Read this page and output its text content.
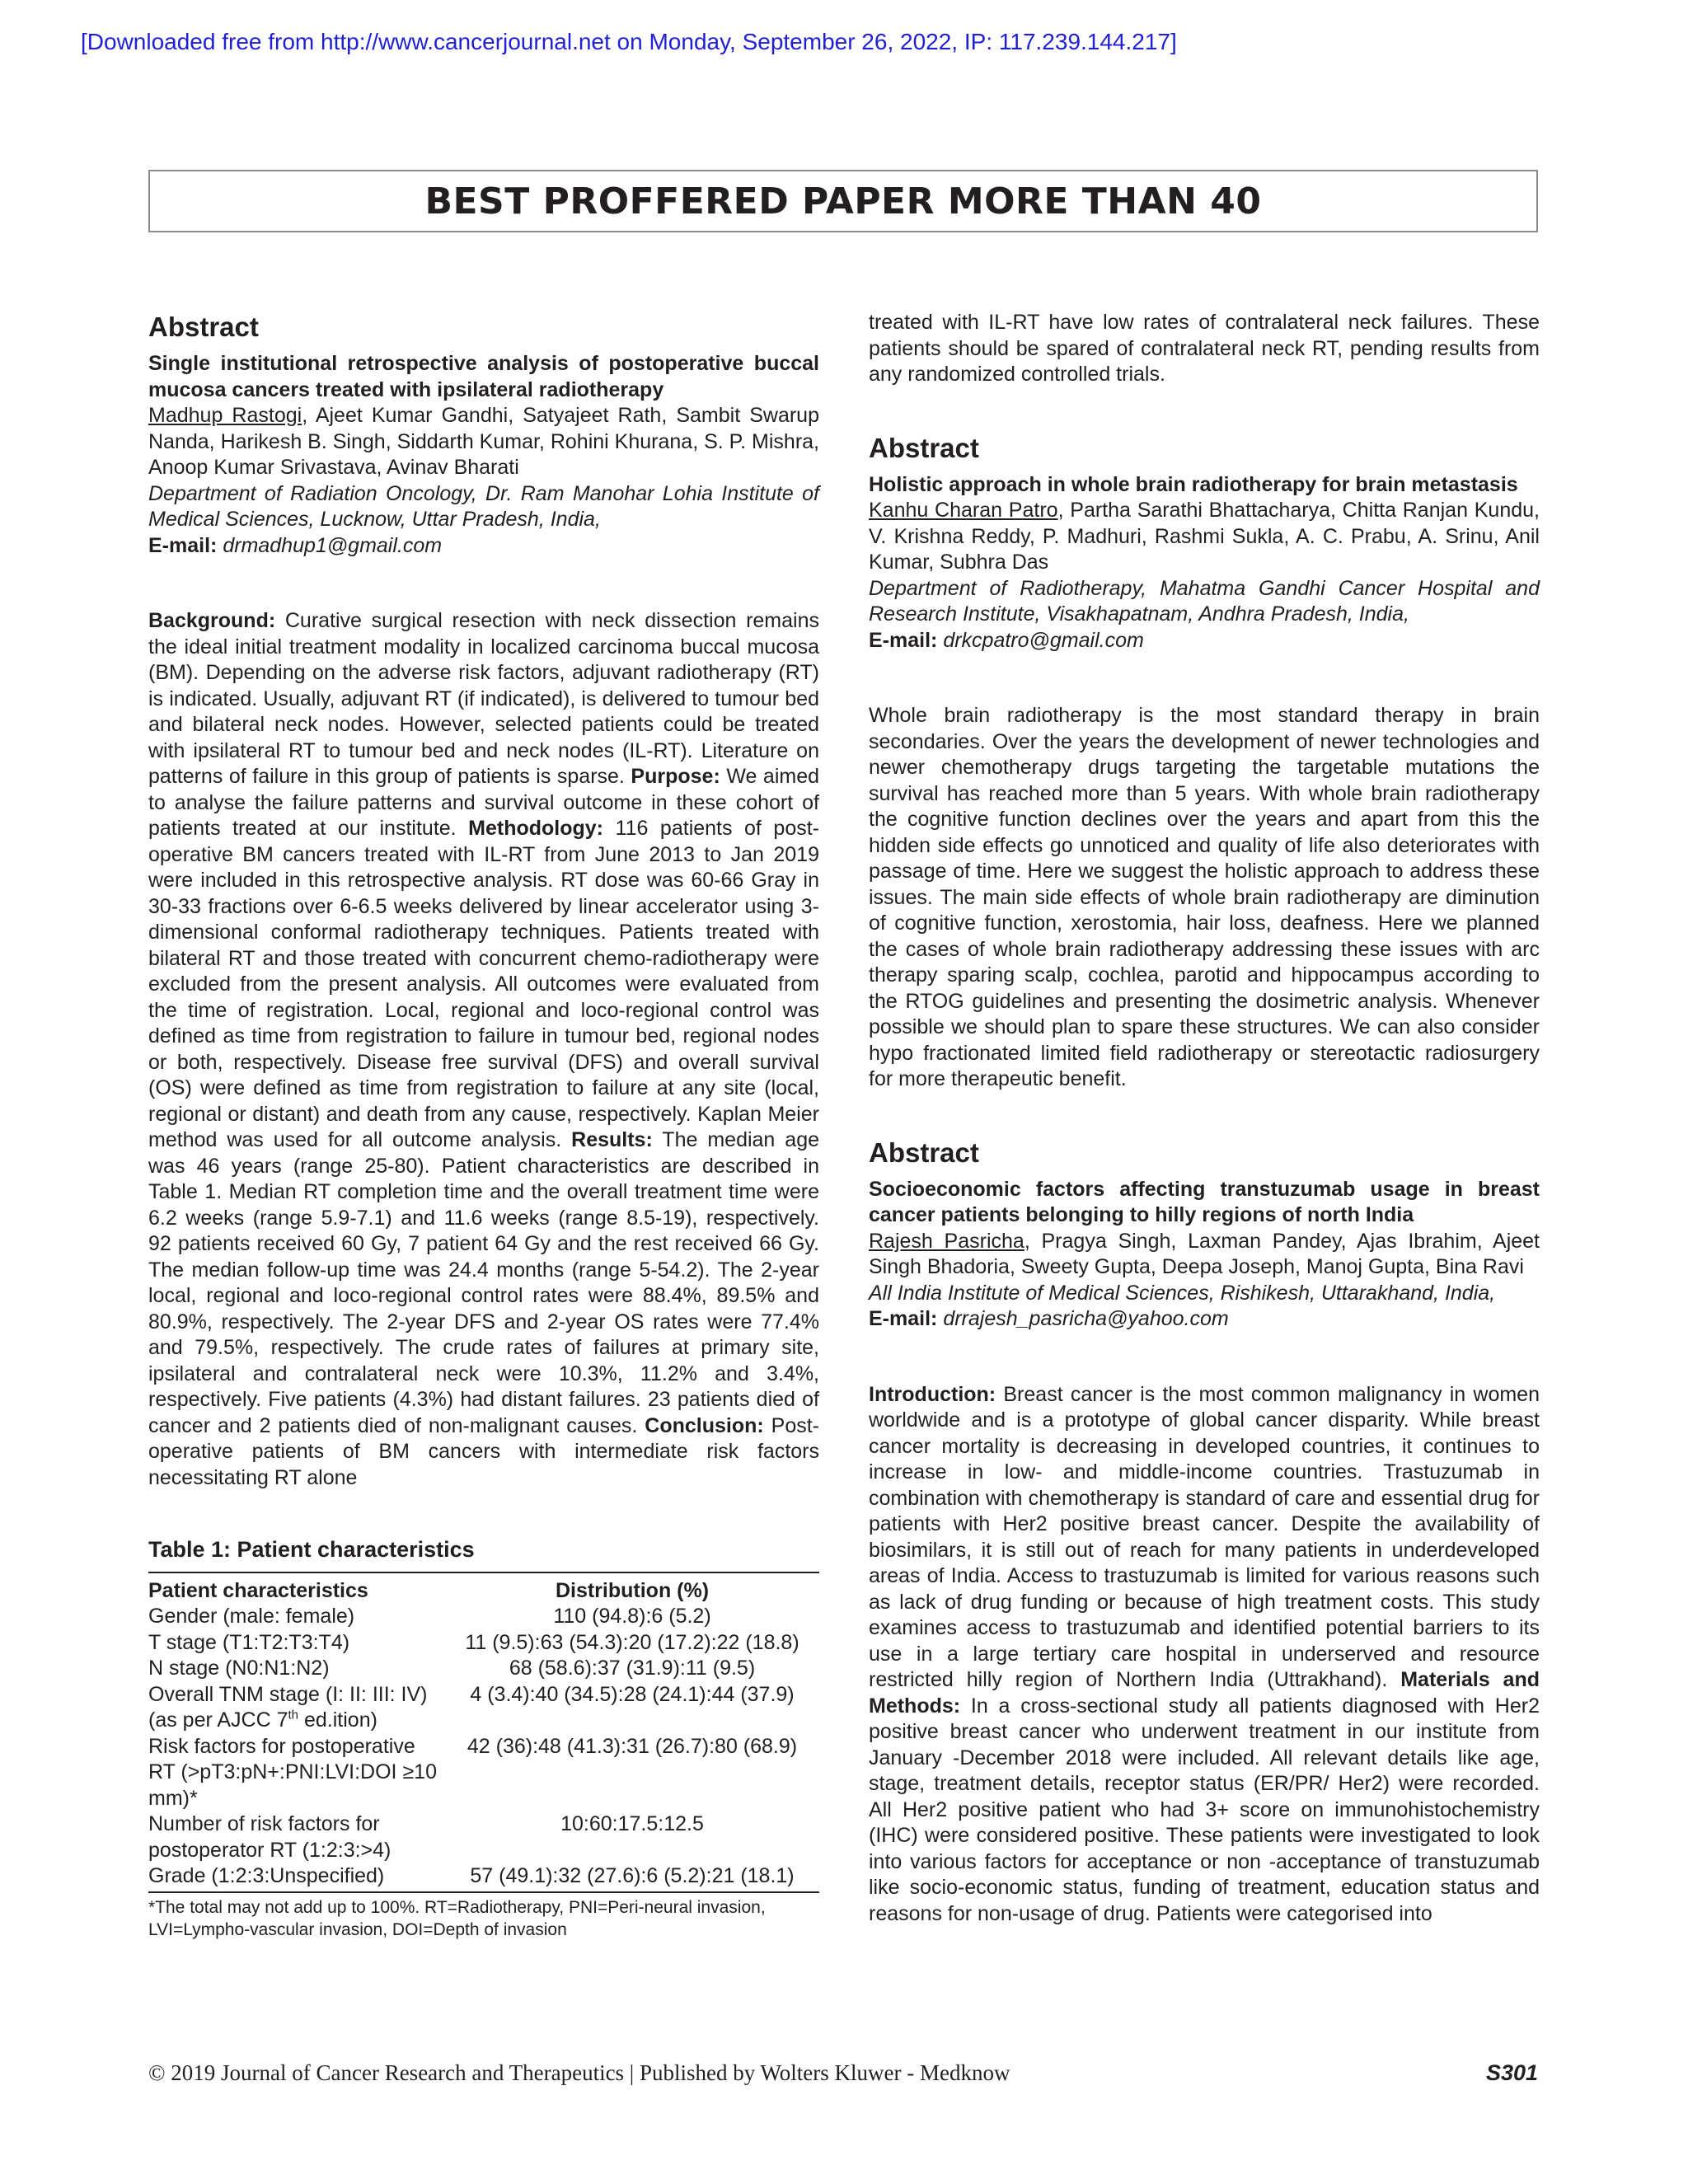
[Downloaded free from http://www.cancerjournal.net on Monday, September 26, 2022, IP: 117.239.144.217]
BEST PROFFERED PAPER MORE THAN 40
Abstract

Single institutional retrospective analysis of postoperative buccal mucosa cancers treated with ipsilateral radiotherapy

Madhup Rastogi, Ajeet Kumar Gandhi, Satyajeet Rath, Sambit Swarup Nanda, Harikesh B. Singh, Siddarth Kumar, Rohini Khurana, S. P. Mishra, Anoop Kumar Srivastava, Avinav Bharati

Department of Radiation Oncology, Dr. Ram Manohar Lohia Institute of Medical Sciences, Lucknow, Uttar Pradesh, India,

E-mail: drmadhup1@gmail.com

Background: Curative surgical resection with neck dissection remains the ideal initial treatment modality in localized carcinoma buccal mucosa (BM). Depending on the adverse risk factors, adjuvant radiotherapy (RT) is indicated. Usually, adjuvant RT (if indicated), is delivered to tumour bed and bilateral neck nodes. However, selected patients could be treated with ipsilateral RT to tumour bed and neck nodes (IL-RT). Literature on patterns of failure in this group of patients is sparse. Purpose: We aimed to analyse the failure patterns and survival outcome in these cohort of patients treated at our institute. Methodology: 116 patients of post-operative BM cancers treated with IL-RT from June 2013 to Jan 2019 were included in this retrospective analysis. RT dose was 60-66 Gray in 30-33 fractions over 6-6.5 weeks delivered by linear accelerator using 3-dimensional conformal radiotherapy techniques. Patients treated with bilateral RT and those treated with concurrent chemo-radiotherapy were excluded from the present analysis. All outcomes were evaluated from the time of registration. Local, regional and loco-regional control was defined as time from registration to failure in tumour bed, regional nodes or both, respectively. Disease free survival (DFS) and overall survival (OS) were defined as time from registration to failure at any site (local, regional or distant) and death from any cause, respectively. Kaplan Meier method was used for all outcome analysis. Results: The median age was 46 years (range 25-80). Patient characteristics are described in Table 1. Median RT completion time and the overall treatment time were 6.2 weeks (range 5.9-7.1) and 11.6 weeks (range 8.5-19), respectively. 92 patients received 60 Gy, 7 patient 64 Gy and the rest received 66 Gy. The median follow-up time was 24.4 months (range 5-54.2). The 2-year local, regional and loco-regional control rates were 88.4%, 89.5% and 80.9%, respectively. The 2-year DFS and 2-year OS rates were 77.4% and 79.5%, respectively. The crude rates of failures at primary site, ipsilateral and contralateral neck were 10.3%, 11.2% and 3.4%, respectively. Five patients (4.3%) had distant failures. 23 patients died of cancer and 2 patients died of non-malignant causes. Conclusion: Post-operative patients of BM cancers with intermediate risk factors necessitating RT alone

Table 1: Patient characteristics
Patient characteristics	Distribution (%)
Gender (male: female)	110 (94.8):6 (5.2)
T stage (T1:T2:T3:T4)	11 (9.5):63 (54.3):20 (17.2):22 (18.8)
N stage (N0:N1:N2)	68 (58.6):37 (31.9):11 (9.5)
Overall TNM stage (I: II: III: IV) (as per AJCC 7th ed.ition)	4 (3.4):40 (34.5):28 (24.1):44 (37.9)
Risk factors for postoperative RT (>pT3:pN+:PNI:LVI:DOI ≥10 mm)*	42 (36):48 (41.3):31 (26.7):80 (68.9)
Number of risk factors for postoperator RT (1:2:3:>4)	10:60:17.5:12.5
Grade (1:2:3:Unspecified)	57 (49.1):32 (27.6):6 (5.2):21 (18.1)
*The total may not add up to 100%. RT=Radiotherapy, PNI=Peri-neural invasion, LVI=Lympho-vascular invasion, DOI=Depth of invasion

treated with IL-RT have low rates of contralateral neck failures. These patients should be spared of contralateral neck RT, pending results from any randomized controlled trials.

Abstract

Holistic approach in whole brain radiotherapy for brain metastasis

Kanhu Charan Patro, Partha Sarathi Bhattacharya, Chitta Ranjan Kundu, V. Krishna Reddy, P. Madhuri, Rashmi Sukla, A. C. Prabu, A. Srinu, Anil Kumar, Subhra Das

Department of Radiotherapy, Mahatma Gandhi Cancer Hospital and Research Institute, Visakhapatnam, Andhra Pradesh, India,

E-mail: drkcpatro@gmail.com

Whole brain radiotherapy is the most standard therapy in brain secondaries. Over the years the development of newer technologies and newer chemotherapy drugs targeting the targetable mutations the survival has reached more than 5 years. With whole brain radiotherapy the cognitive function declines over the years and apart from this the hidden side effects go unnoticed and quality of life also deteriorates with passage of time. Here we suggest the holistic approach to address these issues. The main side effects of whole brain radiotherapy are diminution of cognitive function, xerostomia, hair loss, deafness. Here we planned the cases of whole brain radiotherapy addressing these issues with arc therapy sparing scalp, cochlea, parotid and hippocampus according to the RTOG guidelines and presenting the dosimetric analysis. Whenever possible we should plan to spare these structures. We can also consider hypo fractionated limited field radiotherapy or stereotactic radiosurgery for more therapeutic benefit.

Abstract

Socioeconomic factors affecting transtuzumab usage in breast cancer patients belonging to hilly regions of north India

Rajesh Pasricha, Pragya Singh, Laxman Pandey, Ajas Ibrahim, Ajeet Singh Bhadoria, Sweety Gupta, Deepa Joseph, Manoj Gupta, Bina Ravi

All India Institute of Medical Sciences, Rishikesh, Uttarakhand, India,

E-mail: drrajesh_pasricha@yahoo.com

Introduction: Breast cancer is the most common malignancy in women worldwide and is a prototype of global cancer disparity. While breast cancer mortality is decreasing in developed countries, it continues to increase in low- and middle-income countries. Trastuzumab in combination with chemotherapy is standard of care and essential drug for patients with Her2 positive breast cancer. Despite the availability of biosimilars, it is still out of reach for many patients in underdeveloped areas of India. Access to trastuzumab is limited for various reasons such as lack of drug funding or because of high treatment costs. This study examines access to trastuzumab and identified potential barriers to its use in a large tertiary care hospital in underserved and resource restricted hilly region of Northern India (Uttrakhand). Materials and Methods: In a cross-sectional study all patients diagnosed with Her2 positive breast cancer who underwent treatment in our institute from January -December 2018 were included. All relevant details like age, stage, treatment details, receptor status (ER/PR/ Her2) were recorded. All Her2 positive patient who had 3+ score on immunohistochemistry (IHC) were considered positive. These patients were investigated to look into various factors for acceptance or non -acceptance of transtuzumab like socio-economic status, funding of treatment, education status and reasons for non-usage of drug. Patients were categorised into

© 2019 Journal of Cancer Research and Therapeutics | Published by Wolters Kluwer - Medknow	S301
